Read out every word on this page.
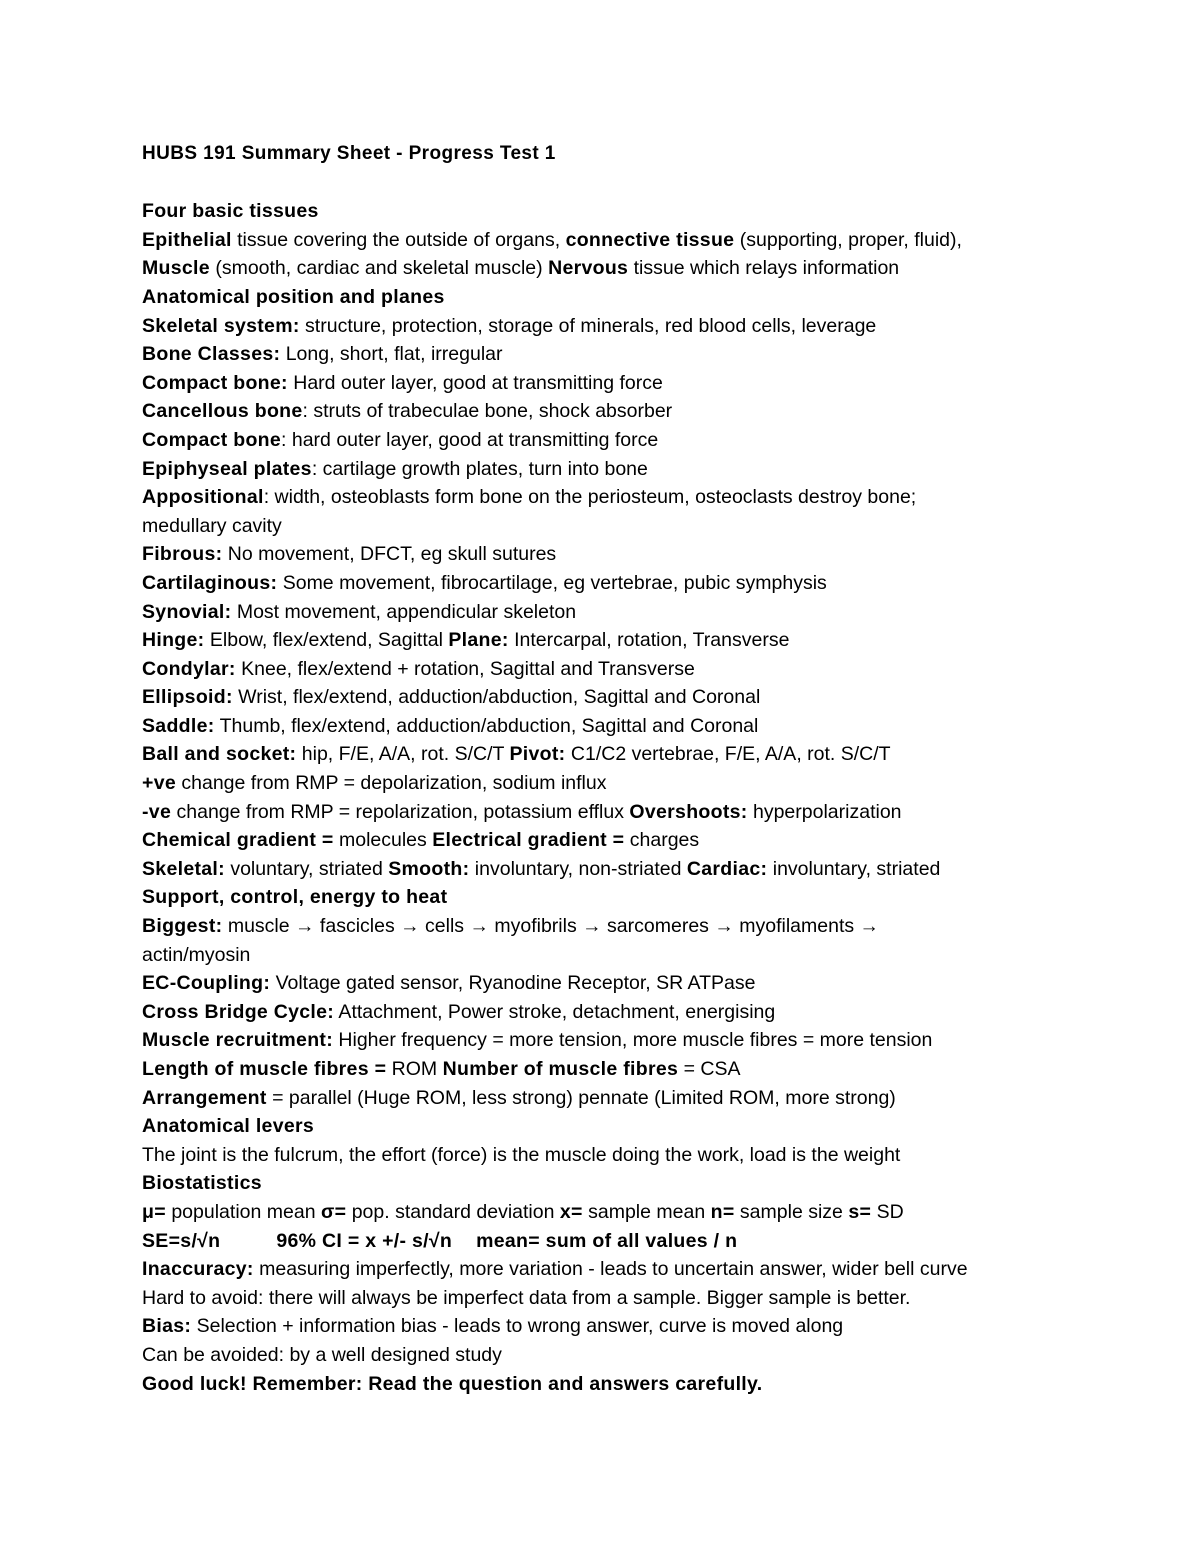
HUBS 191 Summary Sheet - Progress Test 1

Four basic tissues

Epithelial tissue covering the outside of organs, connective tissue (supporting, proper, fluid),

Muscle (smooth, cardiac and skeletal muscle) Nervous tissue which relays information

Anatomical position and planes

Skeletal system: structure, protection, storage of minerals, red blood cells, leverage

Bone Classes: Long, short, flat, irregular

Compact bone: Hard outer layer, good at transmitting force

Cancellous bone: struts of trabeculae bone, shock absorber

Compact bone: hard outer layer, good at transmitting force

Epiphyseal plates: cartilage growth plates, turn into bone

Appositional: width, osteoblasts form bone on the periosteum, osteoclasts destroy bone;

medullary cavity

Fibrous: No movement, DFCT, eg skull sutures

Cartilaginous: Some movement, fibrocartilage, eg vertebrae, pubic symphysis

Synovial: Most movement, appendicular skeleton

Hinge: Elbow, flex/extend, Sagittal Plane: Intercarpal, rotation, Transverse

Condylar: Knee, flex/extend + rotation, Sagittal and Transverse

Ellipsoid: Wrist, flex/extend, adduction/abduction, Sagittal and Coronal

Saddle: Thumb, flex/extend, adduction/abduction, Sagittal and Coronal

Ball and socket: hip, F/E, A/A, rot. S/C/T Pivot: C1/C2 vertebrae, F/E, A/A, rot. S/C/T

+ve change from RMP = depolarization, sodium influx

-ve change from RMP = repolarization, potassium efflux Overshoots: hyperpolarization

Chemical gradient = molecules Electrical gradient = charges

Skeletal: voluntary, striated Smooth: involuntary, non-striated Cardiac: involuntary, striated

Support, control, energy to heat

Biggest: muscle → fascicles → cells → myofibrils → sarcomeres → myofilaments →

actin/myosin

EC-Coupling: Voltage gated sensor, Ryanodine Receptor, SR ATPase

Cross Bridge Cycle: Attachment, Power stroke, detachment, energising

Muscle recruitment: Higher frequency = more tension, more muscle fibres = more tension

Length of muscle fibres = ROM Number of muscle fibres = CSA

Arrangement = parallel (Huge ROM, less strong) pennate (Limited ROM, more strong)

Anatomical levers

The joint is the fulcrum, the effort (force) is the muscle doing the work, load is the weight

Biostatistics

μ= population mean σ= pop. standard deviation x= sample mean n= sample size s= SD

SE=s/√n	96% CI = x +/- s/√n mean= sum of all values / n

Inaccuracy: measuring imperfectly, more variation - leads to uncertain answer, wider bell curve

Hard to avoid: there will always be imperfect data from a sample. Bigger sample is better.

Bias: Selection + information bias - leads to wrong answer, curve is moved along

Can be avoided: by a well designed study

Good luck! Remember: Read the question and answers carefully.
